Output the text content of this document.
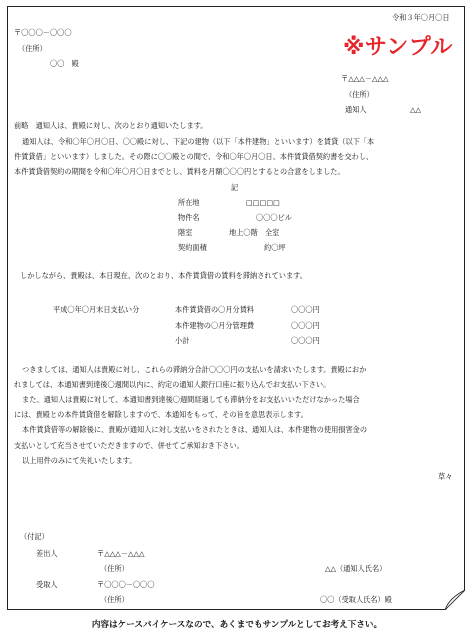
令和３年〇月〇日
〒〇〇〇－〇〇〇
（住所）
〇〇　殿
※サンプル
〒△△△－△△△
（住所）
通知人	△△
前略　通知人は、貴殿に対し、次のとおり通知いたします。
通知人は、令和〇年〇月〇日、〇〇殿に対し、下記の建物（以下「本件建物」といいます）を賃貸（以下「本
件賃貸借」といいます）しました。その際に〇〇殿との間で、令和〇年〇月〇日、本件賃貸借契約書を交わし、
本件賃貸借契約の期間を令和〇年〇月〇日までとし、賃料を月額〇〇〇円とするとの合意をしました。
記
所在地	□□□□□
物件名	〇〇〇ビル
階室	地上〇階　全室
契約面積	約〇坪
しかしながら、貴殿は、本日現在、次のとおり、本件賃貸借の賃料を滞納されています。
平成〇年〇月末日支払い分	本件賃貸借の〇月分賃料	〇〇〇円
本件建物の〇月分管理費	〇〇〇円
小計	〇〇〇円
つきましては、通知人は貴殿に対し、これらの滞納分合計〇〇〇円の支払いを請求いたします。貴殿におか
れましては、本通知書到達後〇週間以内に、約定の通知人銀行口座に振り込んでお支払い下さい。
また、通知人は貴殿に対して、本通知書到達後〇週間経過しても滞納分をお支払いいただけなかった場合
には、貴殿との本件賃貸借を解除しますので、本通知をもって、その旨を意思表示します。
本件賃貸借等の解除後に、貴殿が通知人に対し支払いをされたときは、通知人は、本件建物の使用損害金の
支払いとして充当させていただきますので、併せてご承知おき下さい。
以上用件のみにて失礼いたします。
草々
（付記）
差出人	〒△△△－△△△
（住所）	△△（通知人氏名）
受取人	〒〇〇〇－〇〇〇
（住所）	〇〇（受取人氏名）殿
内容はケースバイケースなので、あくまでもサンプルとしてお考え下さい。
